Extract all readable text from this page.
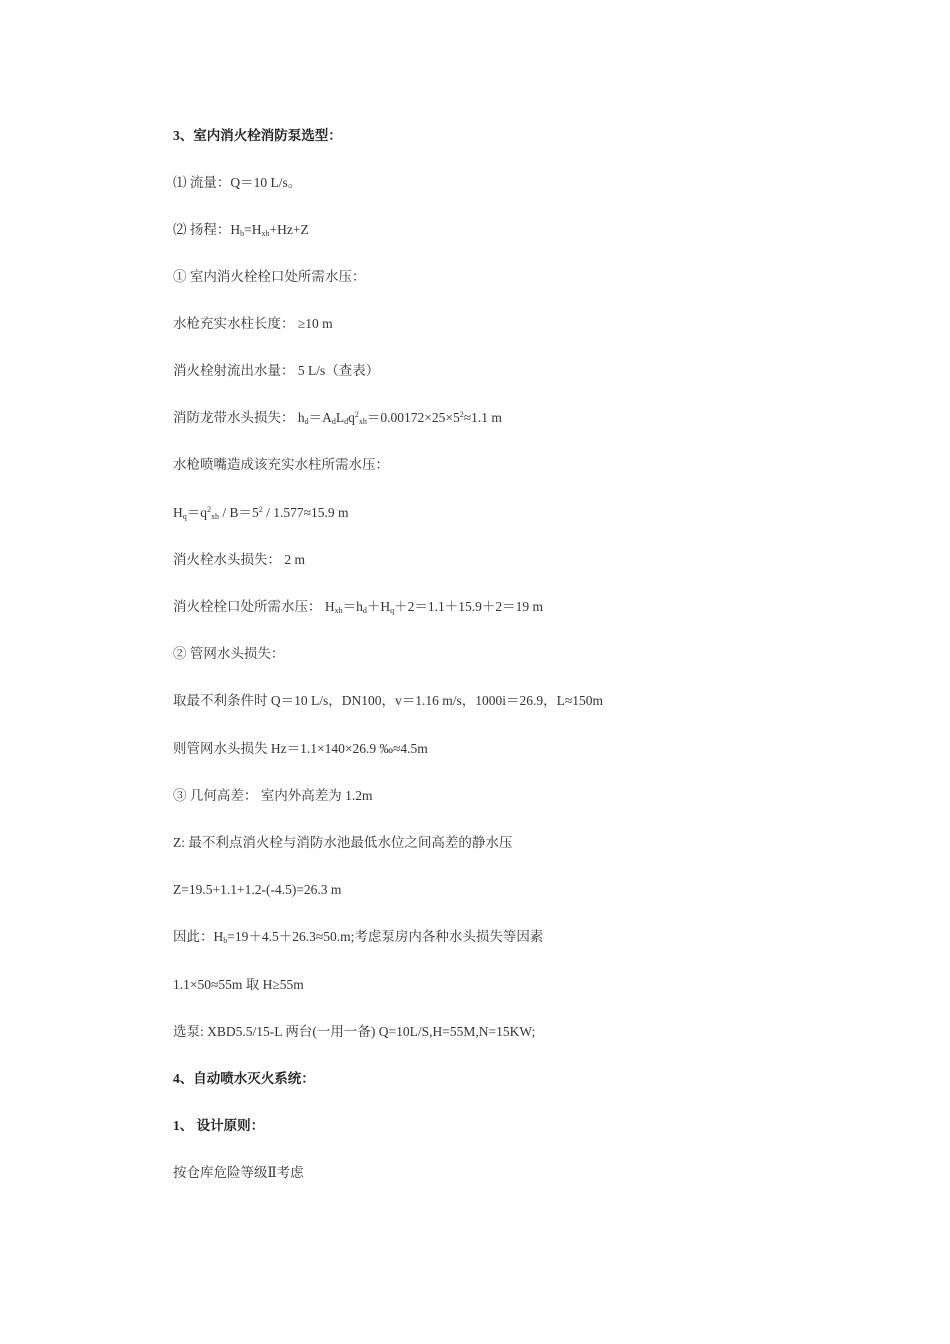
3、室内消火栓消防泵选型：
⑴ 流量：Q＝10 L/s。
⑵ 扬程：$H_b=H_{xh}+Hz+Z$
① 室内消火栓栓口处所需水压：
水枪充实水柱长度： ≥10 m
消火栓射流出水量： 5 L/s（查表）
消防龙带水头损失： $h_d=A_dL_dq^2_{xh}=0.00172\times 25\times 5^2\approx 1.1$ m
水枪喷嘴造成该充实水柱所需水压：
$H_q=q^2_{xh} / B=5^2 / 1.577\approx 15.9$ m
消火栓水头损失： 2 m
消火栓栓口处所需水压： $H_{xh}=h_d+H_q+2=1.1+15.9+2=19$ m
② 管网水头损失：
取最不利条件时 Q＝10 L/s，DN100，v＝1.16 m/s，1000i＝26.9，L≈150m
则管网水头损失 Hz＝1.1×140×26.9 ‰≈4.5m
③ 几何高差： 室内外高差为 1.2m
Z: 最不利点消火栓与消防水池最低水位之间高差的静水压
Z=19.5+1.1+1.2-(-4.5)=26.3 m
因此：$H_b=19+4.5+26.3\approx 50.m$;考虑泵房内各种水头损失等因素
1.1×50≈55m 取 H≥55m
选泵: XBD5.5/15-L 两台(一用一备) Q=10L/S,H=55M,N=15KW;
4、自动喷水灭火系统：
1、 设计原则：
按仓库危险等级Ⅱ考虑
